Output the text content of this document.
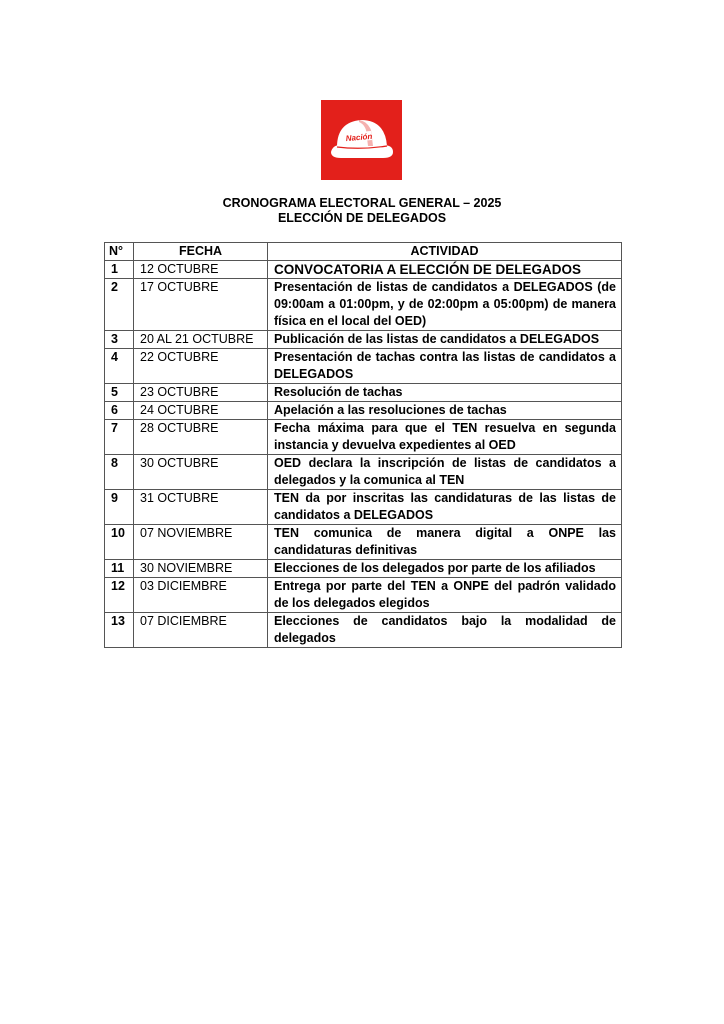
Nación
CRONOGRAMA ELECTORAL GENERAL – 2025
ELECCIÓN DE DELEGADOS
N°	FECHA	ACTIVIDAD
1	12 OCTUBRE	CONVOCATORIA A ELECCIÓN DE DELEGADOS
2	17 OCTUBRE	Presentación de listas de candidatos a DELEGADOS (de 09:00am a 01:00pm, y de 02:00pm a 05:00pm) de manera física en el local del OED)
3	20 AL 21 OCTUBRE	Publicación de las listas de candidatos a DELEGADOS
4	22 OCTUBRE	Presentación de tachas contra las listas de candidatos a DELEGADOS
5	23 OCTUBRE	Resolución de tachas
6	24 OCTUBRE	Apelación a las resoluciones de tachas
7	28 OCTUBRE	Fecha máxima para que el TEN resuelva en segunda instancia y devuelva expedientes al OED
8	30 OCTUBRE	OED declara la inscripción de listas de candidatos a delegados y la comunica al TEN
9	31 OCTUBRE	TEN da por inscritas las candidaturas de las listas de candidatos a DELEGADOS
10	07 NOVIEMBRE	TEN comunica de manera digital a ONPE las candidaturas definitivas
11	30 NOVIEMBRE	Elecciones de los delegados por parte de los afiliados
12	03 DICIEMBRE	Entrega por parte del TEN a ONPE del padrón validado de los delegados elegidos
13	07 DICIEMBRE	Elecciones de candidatos bajo la modalidad de delegados
